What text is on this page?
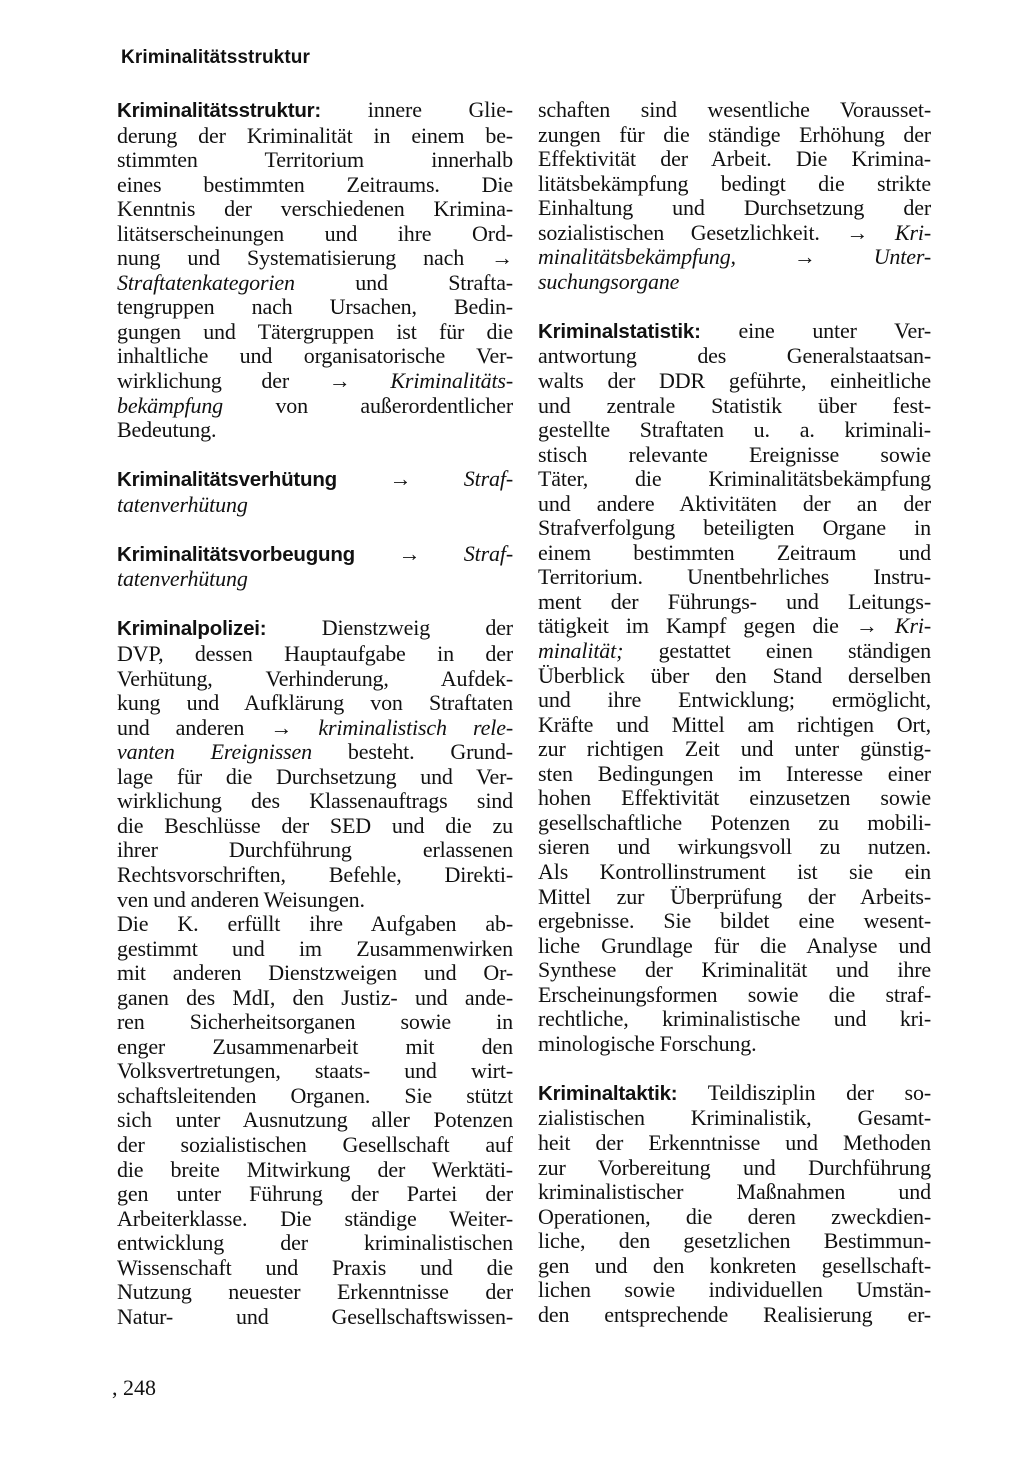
Kriminalitätsstruktur
Kriminalitätsstruktur: innere Glie-
derung der Kriminalität in einem be-
stimmten Territorium innerhalb
eines bestimmten Zeitraums. Die
Kenntnis der verschiedenen Krimina-
litätserscheinungen und ihre Ord-
nung und Systematisierung nach →
Straftatenkategorien und Strafta-
tengruppen nach Ursachen, Bedin-
gungen und Tätergruppen ist für die
inhaltliche und organisatorische Ver-
wirklichung der → Kriminalitäts-
bekämpfung von außerordentlicher
Bedeutung.
Kriminalitätsverhütung → Straf-
tatenverhütung
Kriminalitätsvorbeugung → Straf-
tatenverhütung
Kriminalpolizei: Dienstzweig der
DVP, dessen Hauptaufgabe in der
Verhütung, Verhinderung, Aufdek-
kung und Aufklärung von Straftaten
und anderen → kriminalistisch rele-
vanten Ereignissen besteht. Grund-
lage für die Durchsetzung und Ver-
wirklichung des Klassenauftrags sind
die Beschlüsse der SED und die zu
ihrer Durchführung erlassenen
Rechtsvorschriften, Befehle, Direkti-
ven und anderen Weisungen.
Die K. erfüllt ihre Aufgaben ab-
gestimmt und im Zusammenwirken
mit anderen Dienstzweigen und Or-
ganen des MdI, den Justiz- und ande-
ren Sicherheitsorganen sowie in
enger Zusammenarbeit mit den
Volksvertretungen, staats- und wirt-
schaftsleitenden Organen. Sie stützt
sich unter Ausnutzung aller Potenzen
der sozialistischen Gesellschaft auf
die breite Mitwirkung der Werktäti-
gen unter Führung der Partei der
Arbeiterklasse. Die ständige Weiter-
entwicklung der kriminalistischen
Wissenschaft und Praxis und die
Nutzung neuester Erkenntnisse der
Natur- und Gesellschaftswissen-
schaften sind wesentliche Vorausset-
zungen für die ständige Erhöhung der
Effektivität der Arbeit. Die Krimina-
litätsbekämpfung bedingt die strikte
Einhaltung und Durchsetzung der
sozialistischen Gesetzlichkeit. → Kri-
minalitätsbekämpfung, → Unter-
suchungsorgane
Kriminalstatistik: eine unter Ver-
antwortung des Generalstaatsan-
walts der DDR geführte, einheitliche
und zentrale Statistik über fest-
gestellte Straftaten u. a. kriminali-
stisch relevante Ereignisse sowie
Täter, die Kriminalitätsbekämpfung
und andere Aktivitäten der an der
Strafverfolgung beteiligten Organe in
einem bestimmten Zeitraum und
Territorium. Unentbehrliches Instru-
ment der Führungs- und Leitungs-
tätigkeit im Kampf gegen die → Kri-
minalität; gestattet einen ständigen
Überblick über den Stand derselben
und ihre Entwicklung; ermöglicht,
Kräfte und Mittel am richtigen Ort,
zur richtigen Zeit und unter günstig-
sten Bedingungen im Interesse einer
hohen Effektivität einzusetzen sowie
gesellschaftliche Potenzen zu mobili-
sieren und wirkungsvoll zu nutzen.
Als Kontrollinstrument ist sie ein
Mittel zur Überprüfung der Arbeits-
ergebnisse. Sie bildet eine wesent-
liche Grundlage für die Analyse und
Synthese der Kriminalität und ihre
Erscheinungsformen sowie die straf-
rechtliche, kriminalistische und kri-
minologische Forschung.
Kriminaltaktik: Teildisziplin der so-
zialistischen Kriminalistik, Gesamt-
heit der Erkenntnisse und Methoden
zur Vorbereitung und Durchführung
kriminalistischer Maßnahmen und
Operationen, die deren zweckdien-
liche, den gesetzlichen Bestimmun-
gen und den konkreten gesellschaft-
lichen sowie individuellen Umstän-
den entsprechende Realisierung er-
, 248
